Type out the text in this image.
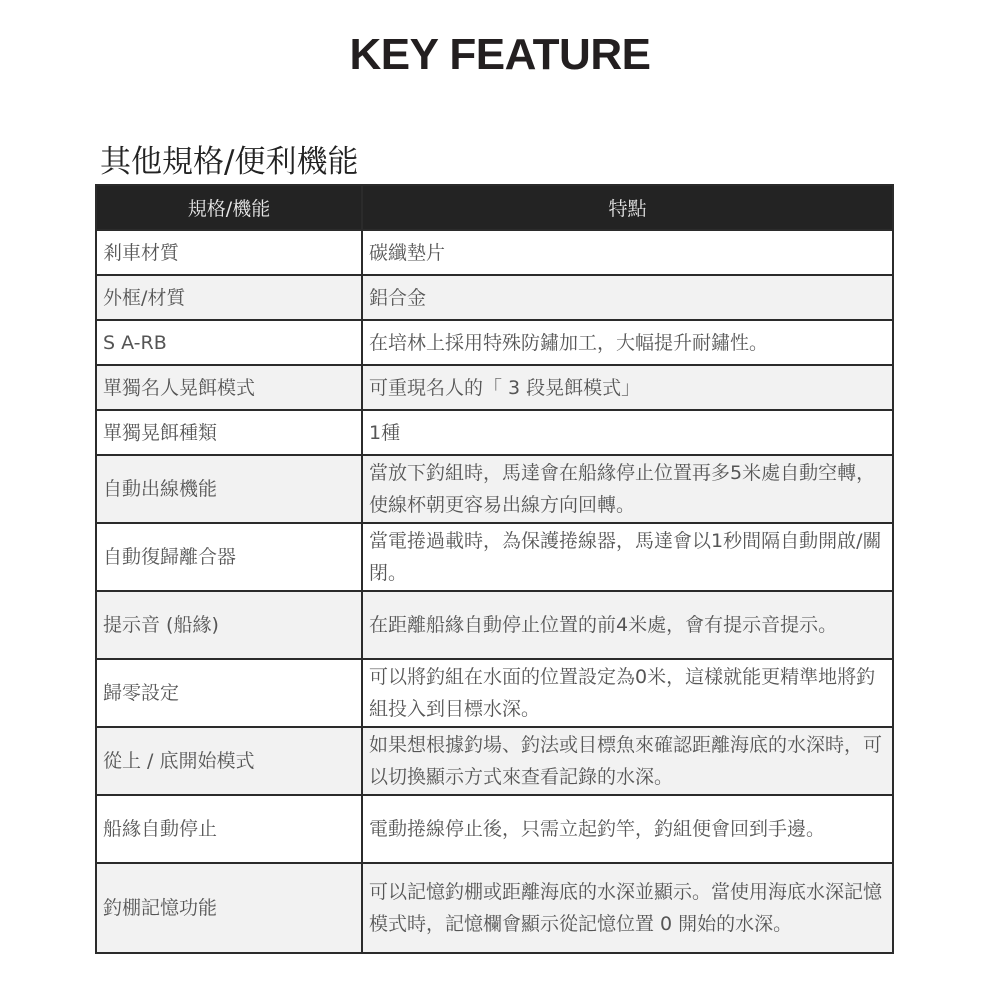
KEY FEATURE
其他規格/便利機能
規格/機能	特點
剎車材質	碳纖墊片
外框/材質	鋁合金
S A-RB	在培林上採用特殊防鏽加工，大幅提升耐鏽性。
單獨名人晃餌模式	可重現名人的「 3 段晃餌模式」
單獨晃餌種類	1種
自動出線機能	當放下釣組時，馬達會在船緣停止位置再多5米處自動空轉，使線杯朝更容易出線方向回轉。
自動復歸離合器	當電捲過載時，為保護捲線器，馬達會以1秒間隔自動開啟/關閉。
提示音 (船緣)	在距離船緣自動停止位置的前4米處，會有提示音提示。
歸零設定	可以將釣組在水面的位置設定為0米，這樣就能更精準地將釣組投入到目標水深。
從上 / 底開始模式	如果想根據釣場、釣法或目標魚來確認距離海底的水深時，可以切換顯示方式來查看記錄的水深。
船緣自動停止	電動捲線停止後，只需立起釣竿，釣組便會回到手邊。
釣棚記憶功能	可以記憶釣棚或距離海底的水深並顯示。當使用海底水深記憶模式時，記憶欄會顯示從記憶位置 0 開始的水深。
